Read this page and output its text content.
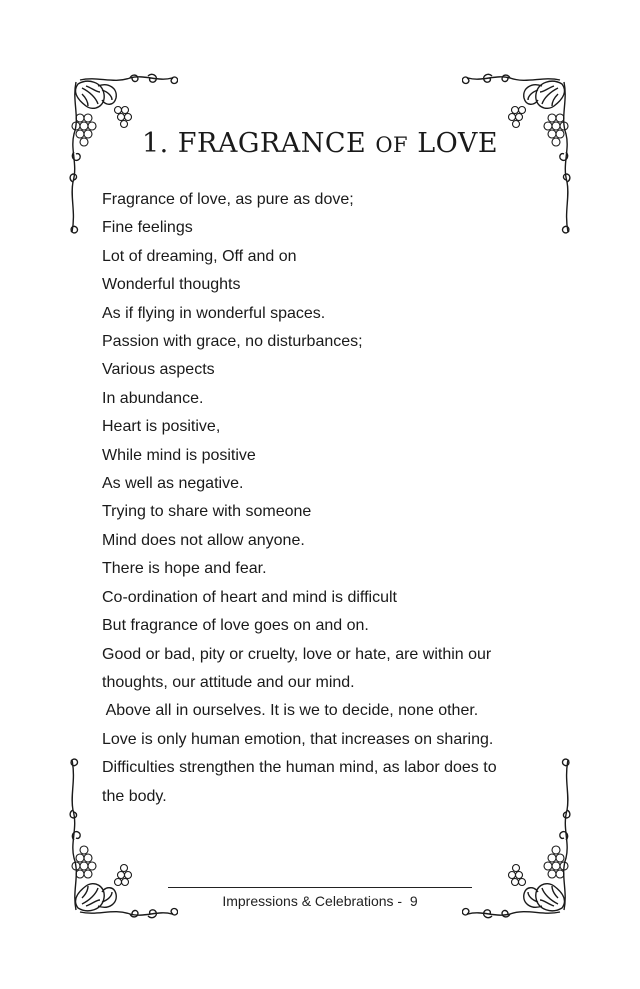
1. FRAGRANCE OF LOVE
Fragrance of love, as pure as dove;
Fine feelings
Lot of dreaming, Off and on
Wonderful thoughts
As if flying in wonderful spaces.
Passion with grace, no disturbances;
Various aspects
In abundance.
Heart is positive,
While mind is positive
As well as negative.
Trying to share with someone
Mind does not allow anyone.
There is hope and fear.
Co-ordination of heart and mind is difficult
But fragrance of love goes on and on.
Good or bad, pity or cruelty, love or hate, are within our
thoughts, our attitude and our mind.
Above all in ourselves. It is we to decide, none other.
Love is only human emotion, that increases on sharing.
Difficulties strengthen the human mind, as labor does to
the body.
Impressions & Celebrations -  9
